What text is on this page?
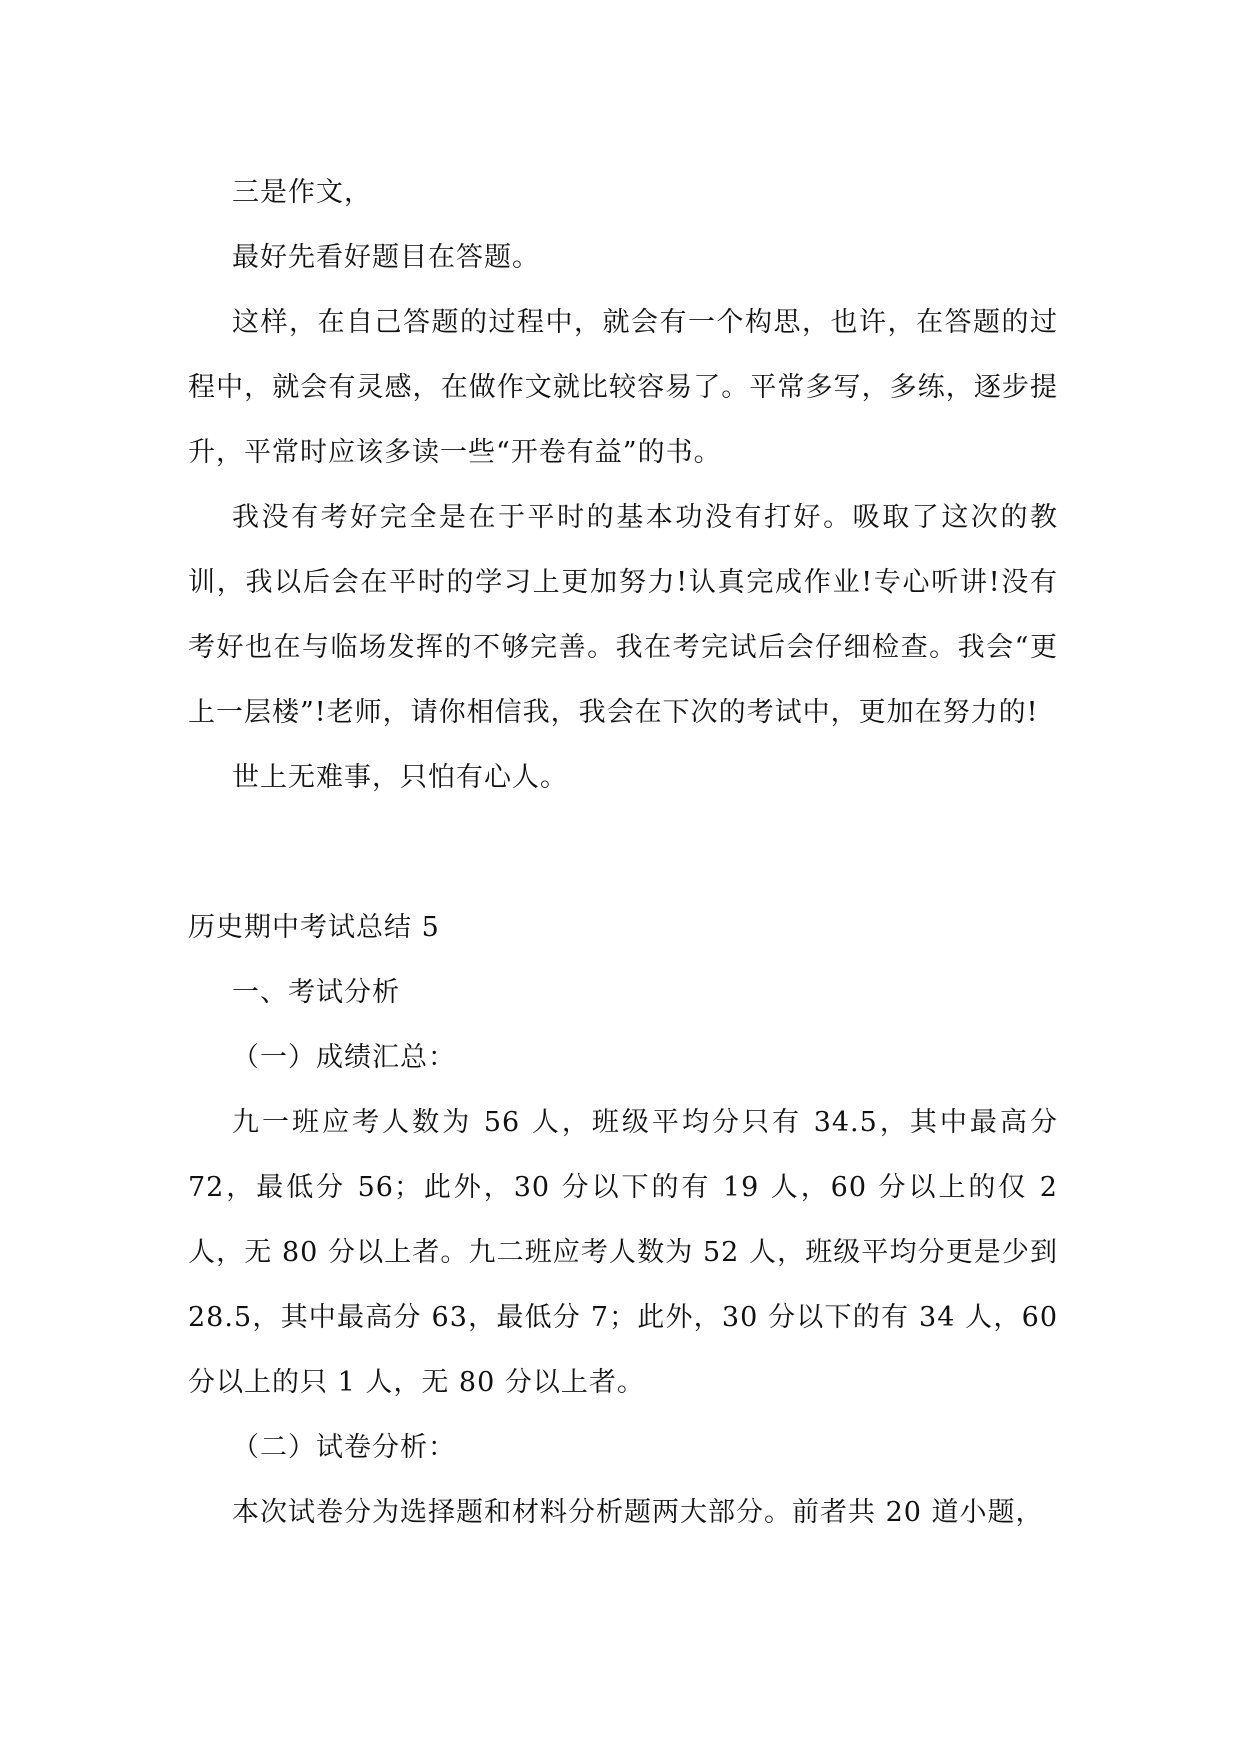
三是作文，

最好先看好题目在答题。

这样，在自己答题的过程中，就会有一个构思，也许，在答题的过程中，就会有灵感，在做作文就比较容易了。平常多写，多练，逐步提升，平常时应该多读一些“开卷有益”的书。

我没有考好完全是在于平时的基本功没有打好。吸取了这次的教训，我以后会在平时的学习上更加努力!认真完成作业!专心听讲!没有考好也在与临场发挥的不够完善。我在考完试后会仔细检查。我会“更上一层楼”!老师，请你相信我，我会在下次的考试中，更加在努力的!

世上无难事，只怕有心人。

历史期中考试总结 5

一、考试分析

（一）成绩汇总：

九一班应考人数为 56 人，班级平均分只有 34.5，其中最高分 72，最低分 56；此外，30 分以下的有 19 人，60 分以上的仅 2 人，无 80 分以上者。九二班应考人数为 52 人，班级平均分更是少到 28.5，其中最高分 63，最低分 7；此外，30 分以下的有 34 人，60 分以上的只 1 人，无 80 分以上者。

（二）试卷分析：

本次试卷分为选择题和材料分析题两大部分。前者共 20 道小题，
